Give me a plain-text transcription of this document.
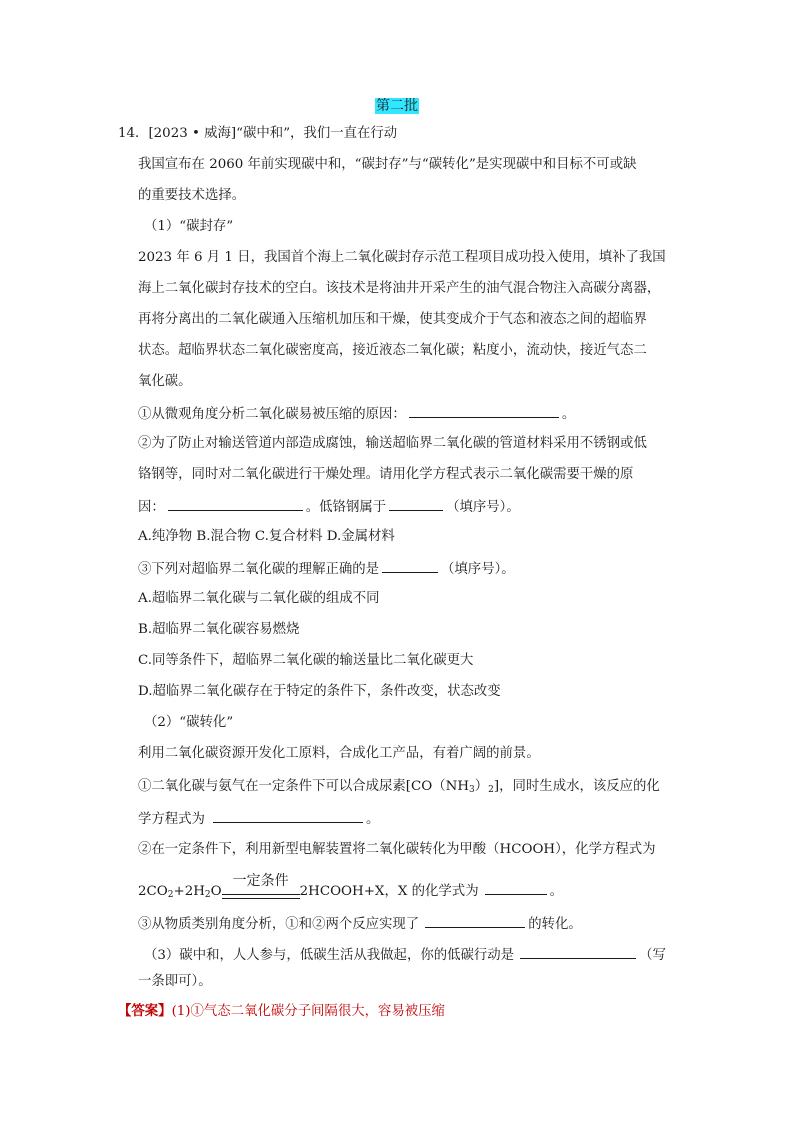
第二批
14．[2023 • 威海]“碳中和”，我们一直在行动
我国宣布在 2060 年前实现碳中和，“碳封存”与“碳转化”是实现碳中和目标不可或缺
的重要技术选择。
（1）“碳封存”
2023 年 6 月 1 日，我国首个海上二氧化碳封存示范工程项目成功投入使用，填补了我国
海上二氧化碳封存技术的空白。该技术是将油井开采产生的油气混合物注入高碳分离器，
再将分离出的二氧化碳通入压缩机加压和干燥，使其变成介于气态和液态之间的超临界
状态。超临界状态二氧化碳密度高，接近液态二氧化碳；粘度小，流动快，接近气态二
氧化碳。
①从微观角度分析二氧化碳易被压缩的原因：	。
②为了防止对输送管道内部造成腐蚀，输送超临界二氧化碳的管道材料采用不锈钢或低
铬钢等，同时对二氧化碳进行干燥处理。请用化学方程式表示二氧化碳需要干燥的原
因：	。低铬钢属于	（填序号）。
A.纯净物 B.混合物 C.复合材料 D.金属材料
③下列对超临界二氧化碳的理解正确的是	（填序号）。
A.超临界二氧化碳与二氧化碳的组成不同
B.超临界二氧化碳容易燃烧
C.同等条件下，超临界二氧化碳的输送量比二氧化碳更大
D.超临界二氧化碳存在于特定的条件下，条件改变，状态改变
（2）“碳转化”
利用二氧化碳资源开发化工原料，合成化工产品，有着广阔的前景。
①二氧化碳与氨气在一定条件下可以合成尿素$[CO(NH_3)_2]$，同时生成水，该反应的化
学方程式为	。
②在一定条件下，利用新型电解装置将二氧化碳转化为甲酸（HCOOH），化学方程式为
$2CO_2+2H_2O$
一定条件
2HCOOH+X，X 的化学式为	。
③从物质类别角度分析，①和②两个反应实现了	的转化。
（3）碳中和，人人参与，低碳生活从我做起，你的低碳行动是	（写
一条即可）。
【答案】(1)①气态二氧化碳分子间隔很大，容易被压缩
